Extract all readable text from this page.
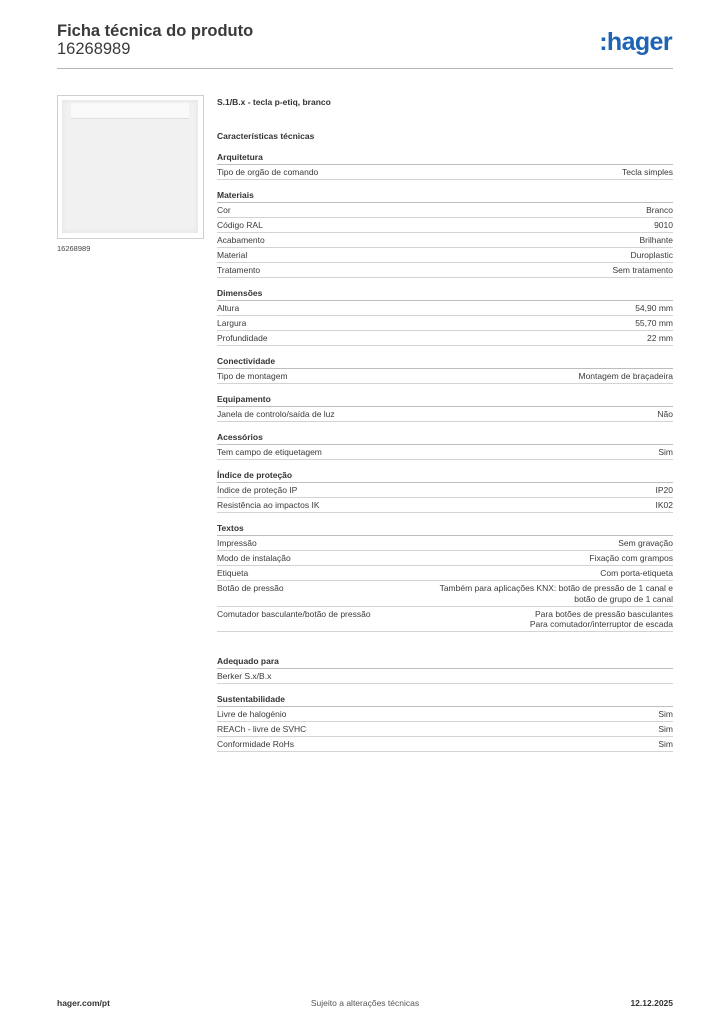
Ficha técnica do produto
16268989	:hager
16268989
S.1/B.x - tecla p-etiq, branco
Características técnicas
Arquitetura
Tipo de orgão de comando	Tecla simples
Materiais
Cor	Branco
Código RAL	9010
Acabamento	Brilhante
Material	Duroplastic
Tratamento	Sem tratamento
Dimensões
Altura	54,90 mm
Largura	55,70 mm
Profundidade	22 mm
Conectividade
Tipo de montagem	Montagem de braçadeira
Equipamento
Janela de controlo/saída de luz	Não
Acessórios
Tem campo de etiquetagem	Sim
Índice de proteção
Índice de proteção IP	IP20
Resistência ao impactos IK	IK02
Textos
Impressão	Sem gravação
Modo de instalação	Fixação com grampos
Etiqueta	Com porta-etiqueta
Botão de pressão	Também para aplicações KNX: botão de pressão de 1 canal e
botão de grupo de 1 canal
Comutador basculante/botão de pressão	Para botões de pressão basculantes
Para comutador/interruptor de escada
Adequado para
Berker S.x/B.x
Sustentabilidade
Livre de halogénio	Sim
REACh - livre de SVHC	Sim
Conformidade RoHs	Sim
hager.com/pt	Sujeito a alterações técnicas	12.12.2025
